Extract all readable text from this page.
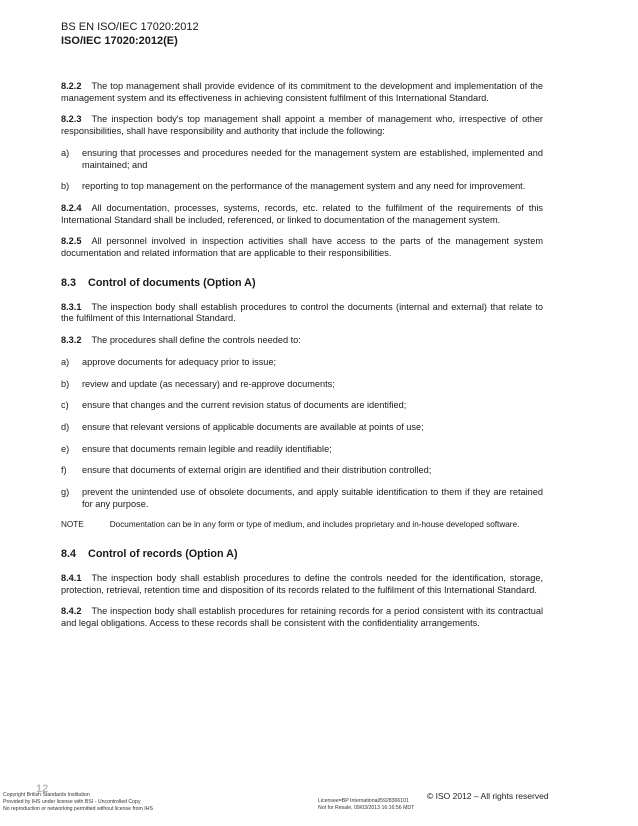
BS EN ISO/IEC 17020:2012
ISO/IEC 17020:2012(E)

8.2.2 The top management shall provide evidence of its commitment to the development and implementation of the management system and its effectiveness in achieving consistent fulfilment of this International Standard.

8.2.3 The inspection body's top management shall appoint a member of management who, irrespective of other responsibilities, shall have responsibility and authority that include the following:

a)	ensuring that processes and procedures needed for the management system are established, implemented and maintained; and
b)	reporting to top management on the performance of the management system and any need for improvement.

8.2.4 All documentation, processes, systems, records, etc. related to the fulfilment of the requirements of this International Standard shall be included, referenced, or linked to documentation of the management system.

8.2.5 All personnel involved in inspection activities shall have access to the parts of the management system documentation and related information that are applicable to their responsibilities.

8.3 Control of documents (Option A)

8.3.1 The inspection body shall establish procedures to control the documents (internal and external) that relate to the fulfilment of this International Standard.

8.3.2 The procedures shall define the controls needed to:

a)	approve documents for adequacy prior to issue;
b)	review and update (as necessary) and re-approve documents;
c)	ensure that changes and the current revision status of documents are identified;
d)	ensure that relevant versions of applicable documents are available at points of use;
e)	ensure that documents remain legible and readily identifiable;
f)	ensure that documents of external origin are identified and their distribution controlled;
g)	prevent the unintended use of obsolete documents, and apply suitable identification to them if they are retained for any purpose.

NOTE	Documentation can be in any form or type of medium, and includes proprietary and in-house developed software.

8.4 Control of records (Option A)

8.4.1 The inspection body shall establish procedures to define the controls needed for the identification, storage, protection, retrieval, retention time and disposition of its records related to the fulfilment of this International Standard.

8.4.2 The inspection body shall establish procedures for retaining records for a period consistent with its contractual and legal obligations. Access to these records shall be consistent with the confidentiality arrangements.

12
Copyright British Standards Institution
Provided by IHS under license with BSI - Uncontrolled Copy
No reproduction or networking permitted without license from IHS
Licensee=BP International/5928366101
Not for Resale, 09/03/2013 16:16:56 MDT
© ISO 2012 – All rights reserved
